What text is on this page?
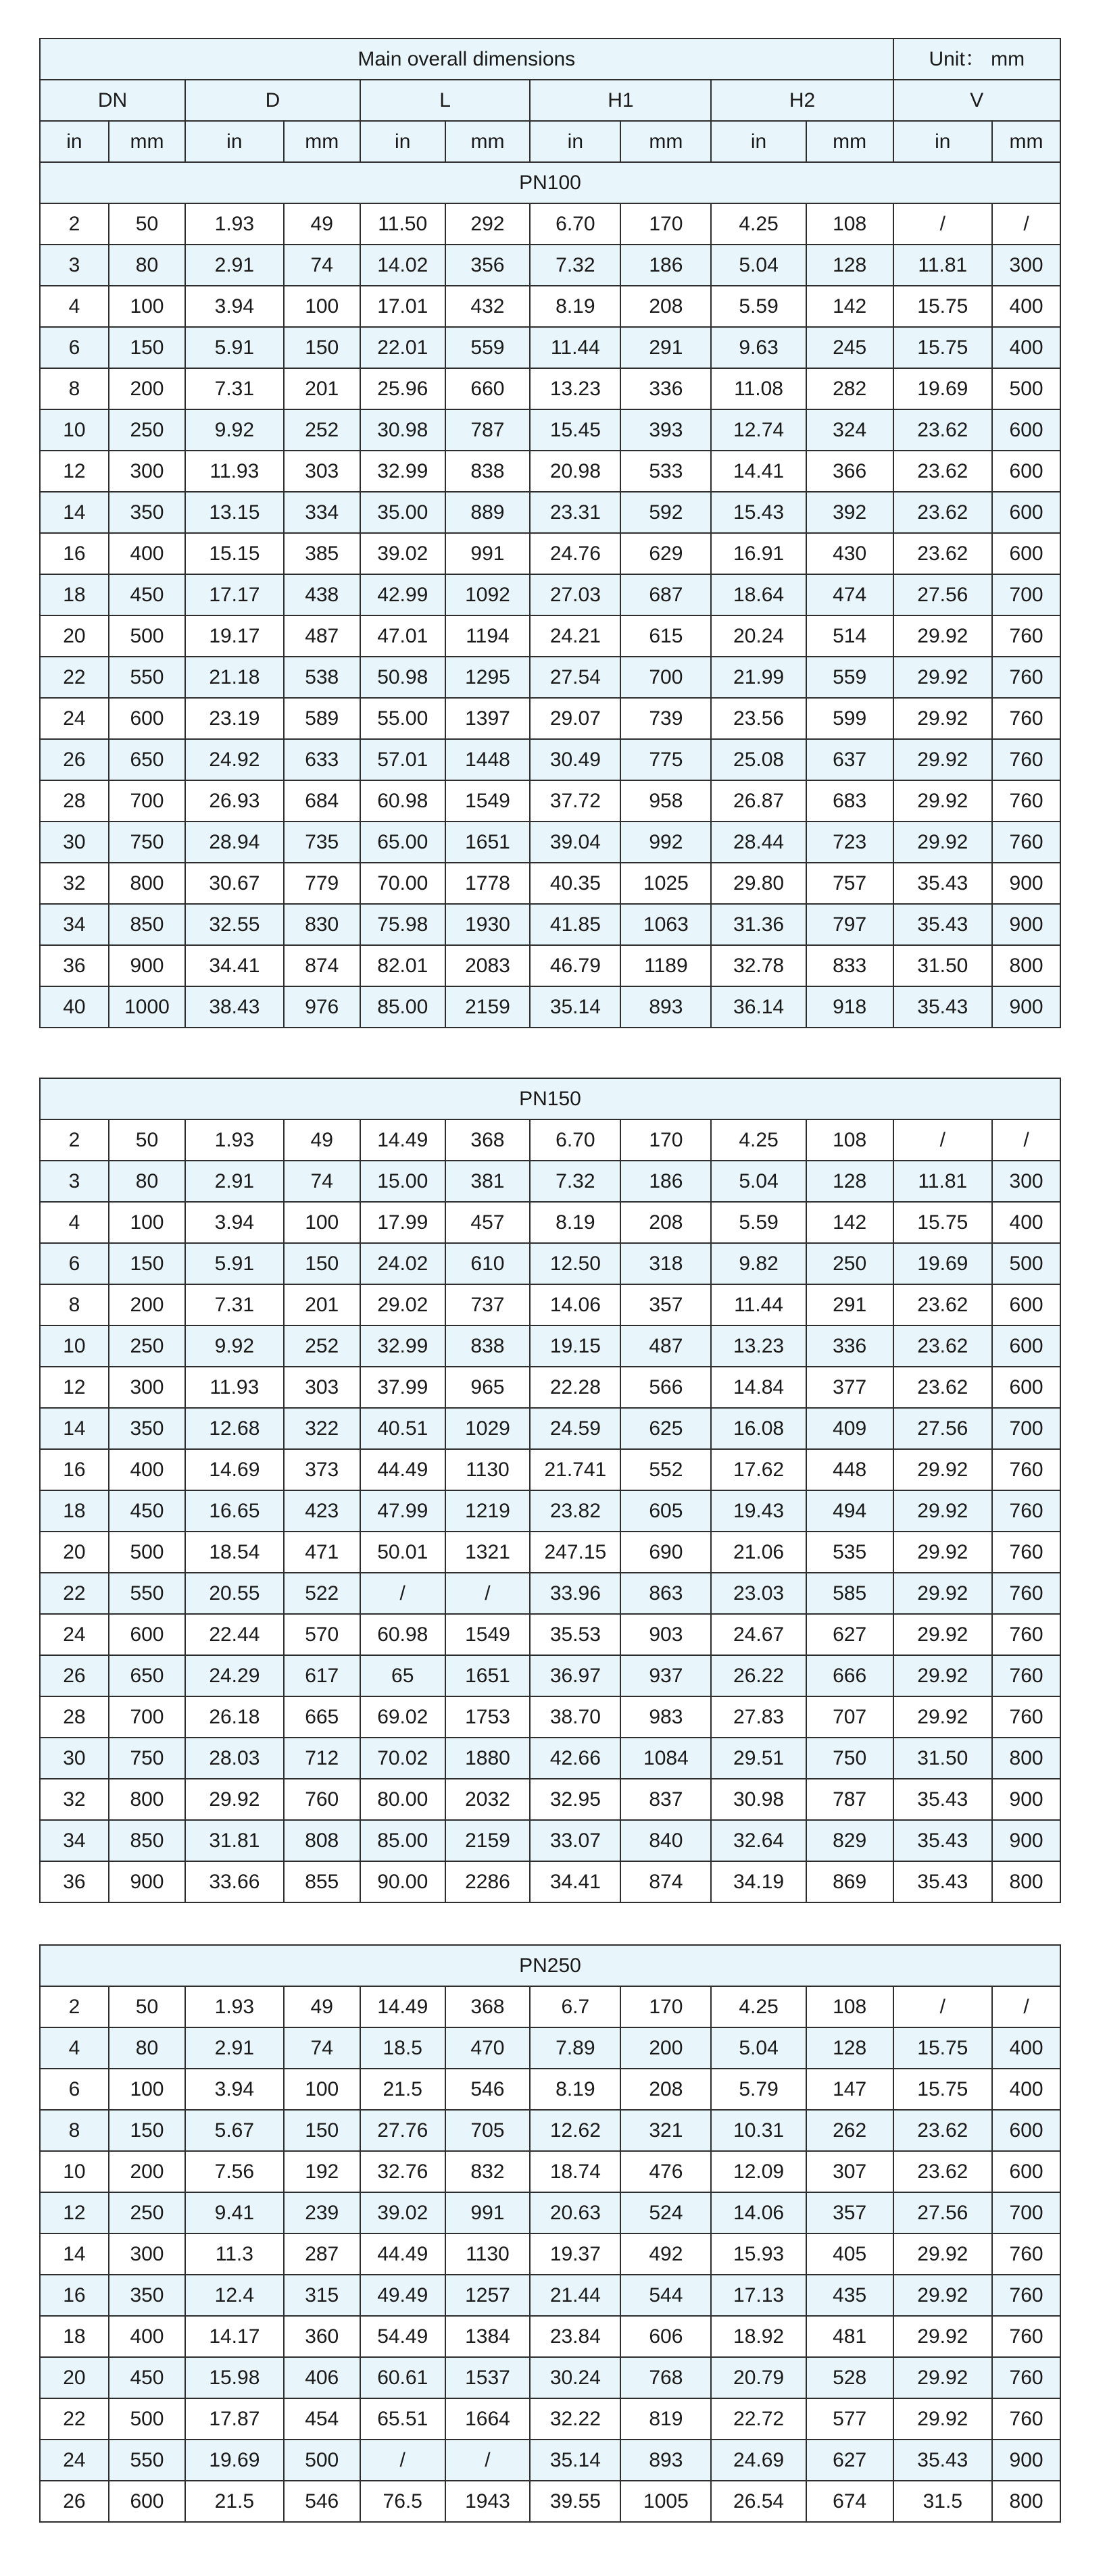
Main overall dimensions										Unit： mm	
DN		D		L		H1		H2		V	
in	mm	in	mm	in	mm	in	mm	in	mm	in	mm
PN100											
2	50	1.93	49	11.50	292	6.70	170	4.25	108	/	/
3	80	2.91	74	14.02	356	7.32	186	5.04	128	11.81	300
4	100	3.94	100	17.01	432	8.19	208	5.59	142	15.75	400
6	150	5.91	150	22.01	559	11.44	291	9.63	245	15.75	400
8	200	7.31	201	25.96	660	13.23	336	11.08	282	19.69	500
10	250	9.92	252	30.98	787	15.45	393	12.74	324	23.62	600
12	300	11.93	303	32.99	838	20.98	533	14.41	366	23.62	600
14	350	13.15	334	35.00	889	23.31	592	15.43	392	23.62	600
16	400	15.15	385	39.02	991	24.76	629	16.91	430	23.62	600
18	450	17.17	438	42.99	1092	27.03	687	18.64	474	27.56	700
20	500	19.17	487	47.01	1194	24.21	615	20.24	514	29.92	760
22	550	21.18	538	50.98	1295	27.54	700	21.99	559	29.92	760
24	600	23.19	589	55.00	1397	29.07	739	23.56	599	29.92	760
26	650	24.92	633	57.01	1448	30.49	775	25.08	637	29.92	760
28	700	26.93	684	60.98	1549	37.72	958	26.87	683	29.92	760
30	750	28.94	735	65.00	1651	39.04	992	28.44	723	29.92	760
32	800	30.67	779	70.00	1778	40.35	1025	29.80	757	35.43	900
34	850	32.55	830	75.98	1930	41.85	1063	31.36	797	35.43	900
36	900	34.41	874	82.01	2083	46.79	1189	32.78	833	31.50	800
40	1000	38.43	976	85.00	2159	35.14	893	36.14	918	35.43	900
PN150											
2	50	1.93	49	14.49	368	6.70	170	4.25	108	/	/
3	80	2.91	74	15.00	381	7.32	186	5.04	128	11.81	300
4	100	3.94	100	17.99	457	8.19	208	5.59	142	15.75	400
6	150	5.91	150	24.02	610	12.50	318	9.82	250	19.69	500
8	200	7.31	201	29.02	737	14.06	357	11.44	291	23.62	600
10	250	9.92	252	32.99	838	19.15	487	13.23	336	23.62	600
12	300	11.93	303	37.99	965	22.28	566	14.84	377	23.62	600
14	350	12.68	322	40.51	1029	24.59	625	16.08	409	27.56	700
16	400	14.69	373	44.49	1130	21.741	552	17.62	448	29.92	760
18	450	16.65	423	47.99	1219	23.82	605	19.43	494	29.92	760
20	500	18.54	471	50.01	1321	247.15	690	21.06	535	29.92	760
22	550	20.55	522	/	/	33.96	863	23.03	585	29.92	760
24	600	22.44	570	60.98	1549	35.53	903	24.67	627	29.92	760
26	650	24.29	617	65	1651	36.97	937	26.22	666	29.92	760
28	700	26.18	665	69.02	1753	38.70	983	27.83	707	29.92	760
30	750	28.03	712	70.02	1880	42.66	1084	29.51	750	31.50	800
32	800	29.92	760	80.00	2032	32.95	837	30.98	787	35.43	900
34	850	31.81	808	85.00	2159	33.07	840	32.64	829	35.43	900
36	900	33.66	855	90.00	2286	34.41	874	34.19	869	35.43	800
PN250											
2	50	1.93	49	14.49	368	6.7	170	4.25	108	/	/
4	80	2.91	74	18.5	470	7.89	200	5.04	128	15.75	400
6	100	3.94	100	21.5	546	8.19	208	5.79	147	15.75	400
8	150	5.67	150	27.76	705	12.62	321	10.31	262	23.62	600
10	200	7.56	192	32.76	832	18.74	476	12.09	307	23.62	600
12	250	9.41	239	39.02	991	20.63	524	14.06	357	27.56	700
14	300	11.3	287	44.49	1130	19.37	492	15.93	405	29.92	760
16	350	12.4	315	49.49	1257	21.44	544	17.13	435	29.92	760
18	400	14.17	360	54.49	1384	23.84	606	18.92	481	29.92	760
20	450	15.98	406	60.61	1537	30.24	768	20.79	528	29.92	760
22	500	17.87	454	65.51	1664	32.22	819	22.72	577	29.92	760
24	550	19.69	500	/	/	35.14	893	24.69	627	35.43	900
26	600	21.5	546	76.5	1943	39.55	1005	26.54	674	31.5	800
